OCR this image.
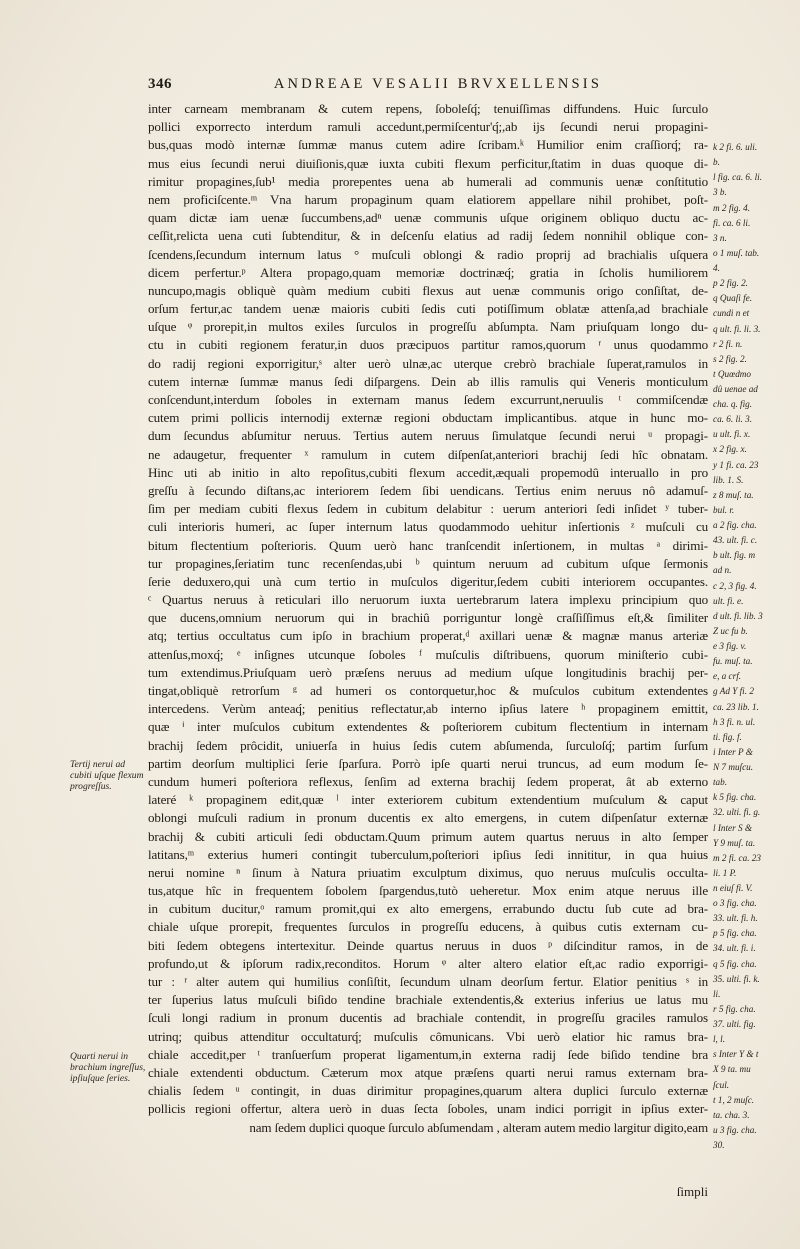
346	ANDREAE VESALII BRVXELLENSIS
inter carneam membranam & cutem repens, ſoboleſq́; tenuiſſimas diffundens. Huic ſurculo
pollici exporrecto interdum ramuli accedunt,permiſcentur'q́;,ab ijs ſecundi nerui propagini-
bus,quas modò internæ ſummæ manus cutem adire ſcribam.ᵏ Humilior enim craſſiorq́; ra-
mus eius ſecundi nerui diuiſionis,quæ iuxta cubiti flexum perficitur,ſtatim in duas quoque di-
rimitur propagines,ſub¹ media prorepentes uena ab humerali ad communis uenæ conſtitutio
nem proficiſcente.ᵐ Vna harum propaginum quam elatiorem appellare nihil prohibet, poſt-
quam dictæ iam uenæ ſuccumbens,adⁿ uenæ communis uſque originem obliquo ductu ac-
ceſſit,relicta uena cuti ſubtenditur, & in deſcenſu elatius ad radij ſedem nonnihil oblique con-
ſcendens,ſecundum internum latus ° muſculi oblongi & radio proprij ad brachialis uſquera
dicem perfertur.ᵖ Altera propago,quam memoriæ doctrinæq́; gratia in ſcholis humiliorem
nuncupo,magis obliquè quàm medium cubiti flexus aut uenæ communis origo conſiſtat, de-
orſum fertur,ac tandem uenæ maioris cubiti ſedis cuti potiſſimum oblatæ attenſa,ad brachiale
uſque ᵠ prorepit,in multos exiles ſurculos in progreſſu abſumpta. Nam priuſquam longo du-
ctu in cubiti regionem feratur,in duos præcipuos partitur ramos,quorum ʳ unus quodammo
do radij regioni exporrigitur,ˢ alter uerò ulnæ,ac uterque crebrò brachiale ſuperat,ramulos in
cutem internæ ſummæ manus ſedi diſpargens. Dein ab illis ramulis qui Veneris monticulum
conſcendunt,interdum ſoboles in externam manus ſedem excurrunt,neruulis ᵗ commiſcendæ
cutem primi pollicis internodij externæ regioni obductam implicantibus. atque in hunc mo-
dum ſecundus abſumitur neruus. Tertius autem neruus ſimulatque ſecundi nerui ᵘ propagi-
ne adaugetur, frequenter ˣ ramulum in cutem diſpenſat,anteriori brachij ſedi hîc obnatam.
Hinc uti ab initio in alto repoſitus,cubiti flexum accedit,æquali propemodû interuallo in pro
greſſu à ſecundo diſtans,ac interiorem ſedem ſibi uendicans. Tertius enim neruus nô adamuſ-
ſim per mediam cubiti flexus ſedem in cubitum delabitur : uerum anteriori ſedi inſidet ʸ tuber-
culi interioris humeri, ac ſuper internum latus quodammodo uehitur inſertionis ᶻ muſculi cu
bitum flectentium poſterioris. Quum uerò hanc tranſcendit inſertionem, in multas ᵃ dirimi-
tur propagines,ſeriatim tunc recenſendas,ubi ᵇ quintum neruum ad cubitum uſque ſermonis
ſerie deduxero,qui unà cum tertio in muſculos digeritur,ſedem cubiti interiorem occupantes.
ᶜ Quartus neruus à reticulari illo neruorum iuxta uertebrarum latera implexu principium quo
que ducens,omnium neruorum qui in brachiû porriguntur longè craſſiſſimus eſt,& ſimiliter
atq; tertius occultatus cum ipſo in brachium properat,ᵈ axillari uenæ & magnæ manus arteriæ
attenſus,moxq́; ᵉ inſignes utcunque ſoboles ᶠ muſculis diſtribuens, quorum miniſterio cubi-
tum extendimus.Priuſquam uerò præſens neruus ad medium uſque longitudinis brachij per-
tingat,obliquè retrorſum ᵍ ad humeri os contorquetur,hoc & muſculos cubitum extendentes
intercedens. Verùm anteaq́; penitius reflectatur,ab interno ipſius latere ʰ propaginem emittit,
quæ ⁱ inter muſculos cubitum extendentes & poſteriorem cubitum flectentium in internam
brachij ſedem prôcidit, uniuerſa in huius ſedis cutem abſumenda, ſurculoſq́; partim ſurſum
partim deorſum multiplici ſerie ſparſura. Porrò ipſe quarti nerui truncus, ad eum modum ſe-
cundum humeri poſteriora reflexus, ſenſim ad externa brachij ſedem properat, ât ab externo
lateré ᵏ propaginem edit,quæ ˡ inter exteriorem cubitum extendentium muſculum & caput
oblongi muſculi radium in pronum ducentis ex alto emergens, in cutem diſpenſatur externæ
brachij & cubiti articuli ſedi obductam.Quum primum autem quartus neruus in alto ſemper
latitans,ᵐ exterius humeri contingit tuberculum,poſteriori ipſius ſedi innititur, in qua huius
nerui nomine ⁿ ſinum à Natura priuatim exculptum diximus, quo neruus muſculis occulta-
tus,atque hîc in frequentem ſobolem ſpargendus,tutò ueheretur. Mox enim atque neruus ille
in cubitum ducitur,ᵒ ramum promit,qui ex alto emergens, errabundo ductu ſub cute ad bra-
chiale uſque prorepit, frequentes ſurculos in progreſſu educens, à quibus cutis externam cu-
biti ſedem obtegens intertexitur. Deinde quartus neruus in duos ᵖ diſcinditur ramos, in de
profundo,ut & ipſorum radix,reconditos. Horum ᵠ alter altero elatior eſt,ac radio exporrigi-
tur : ʳ alter autem qui humilius conſiſtit, ſecundum ulnam deorſum fertur. Elatior penitius ˢ in
ter ſuperius latus muſculi biſido tendine brachiale extendentis,& exterius inferius ue latus mu
ſculi longi radium in pronum ducentis ad brachiale contendit, in progreſſu graciles ramulos
utrinq; quibus attenditur occultaturq́; muſculis cômunicans. Vbi uerò elatior hic ramus bra-
chiale accedit,per ᵗ tranſuerſum properat ligamentum,in externa radij ſede biſido tendine bra
chiale extendenti obductum. Cæterum mox atque præſens quarti nerui ramus externam bra-
chialis ſedem ᵘ contingit, in duas dirimitur propagines,quarum altera duplici ſurculo externæ
pollicis regioni offertur, altera uerò in duas ſecta ſoboles, unam indici porrigit in ipſius exter-
nam ſedem duplici quoque ſurculo abſumendam , alteram autem medio largitur digito,eam
Tertij nerui ad cubiti uſque flexum progreſſus.
Quarti nerui in brachium ingreſſus, ipſiuſque ſeries.
k 2 fi. 6. uli.
b.
l fig. ca. 6. li.
3 b.
m 2 fig. 4.
fi. ca. 6 li.
3 n.
o 1 muſ. tab.
4.
p 2 fig. 2.
q Quaſi fe.
cundi n et
q ult. fi. li. 3.
r 2 fi. n.
s 2 fig. 2.
t Quœdmo
dû uenae ad
cha. q. fig.
ca. 6. li. 3.
u ult. fi. x.
x 2 fig. x.
y 1 fi. ca. 23
lib. 1. S.
z 8 muſ. ta.
bul. r.
a 2 fig. cha.
43. ult. fi. c.
b ult. fig. m
ad n.
c 2, 3 fig. 4.
ult. fi. e.
d ult. fi. lib. 3
Z uc fu b.
e 3 fig. v.
fu. muſ. ta.
e, a crf.
g Ad Y fi. 2
ca. 23 lib. 1.
h 3 fi. n. ul.
ti. fig. f.
i Inter P &
N 7 muſcu.
tab.
k 5 fig. cha.
32. ulti. fi. g.
l Inter S &
Y 9 muſ. ta.
m 2 fi. ca. 23
li. 1 P.
n eiuſ fi. V.
o 3 fig. cha.
33. ult. fi. h.
p 5 fig. cha.
34. ult. fi. i.
q 5 fig. cha.
35. ulti. fi. k.
li.
r 5 fig. cha.
37. ulti. fig.
l, l.
s Inter Y & t
X 9 ta. mu
ſcul.
t 1, 2 muſc.
ta. cha. 3.
u 3 fig. cha.
30.
ſimpli
